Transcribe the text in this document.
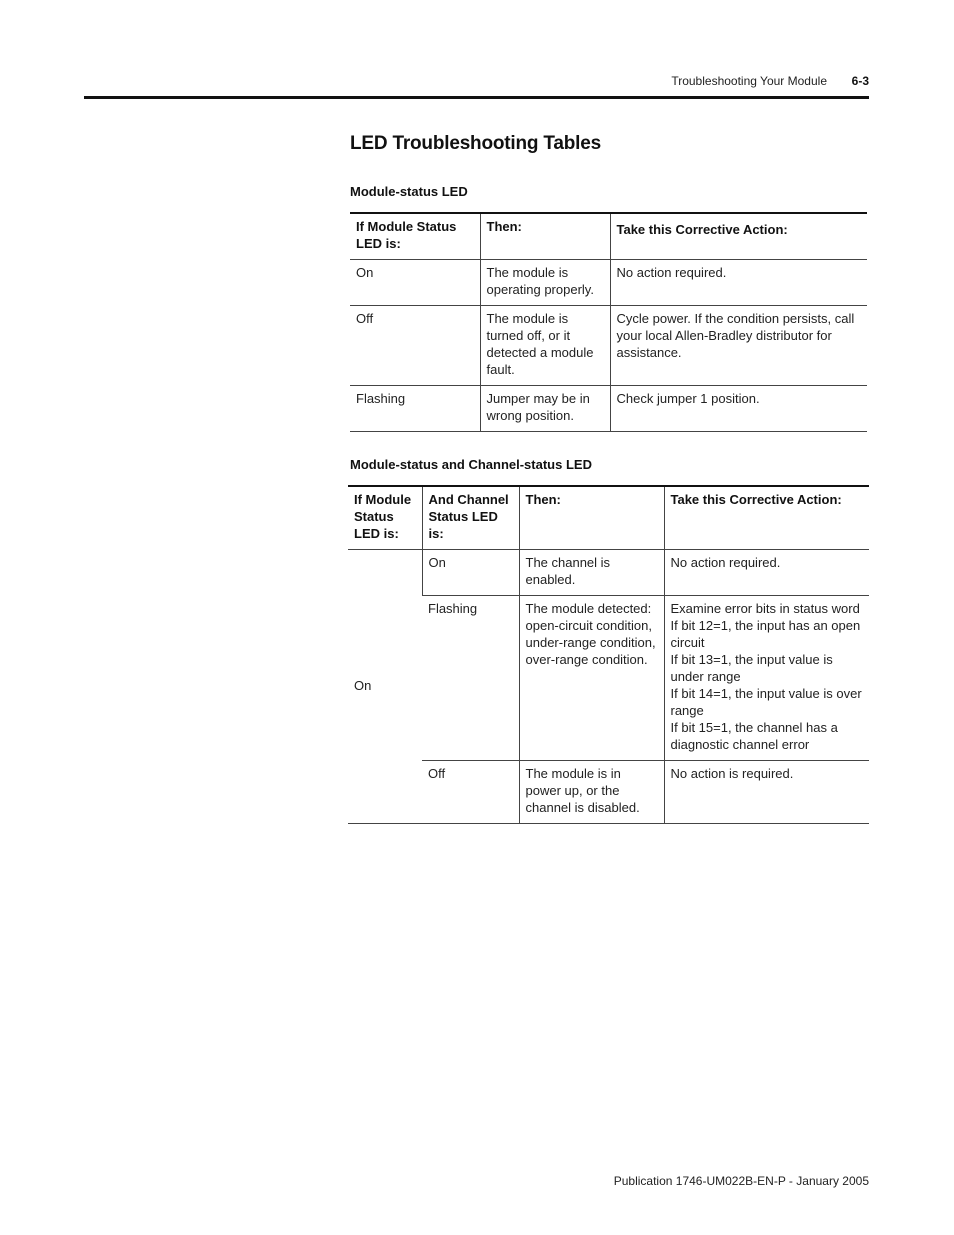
Troubleshooting Your Module 6-3
LED Troubleshooting Tables
Module-status LED
If Module Status LED is:	Then:	Take this Corrective Action:
On	The module is operating properly.	No action required.
Off	The module is turned off, or it detected a module fault.	Cycle power. If the condition persists, call your local Allen-Bradley distributor for assistance.
Flashing	Jumper may be in wrong position.	Check jumper 1 position.
Module-status and Channel-status LED
If Module Status LED is:	And Channel Status LED is:	Then:	Take this Corrective Action:
On	On	The channel is enabled.	No action required.

	Flashing	The module detected: open-circuit condition, under-range condition, over-range condition.	Examine error bits in status word
If bit 12=1, the input has an open circuit
If bit 13=1, the input value is under range
If bit 14=1, the input value is over range
If bit 15=1, the channel has a diagnostic channel error

	Off	The module is in power up, or the channel is disabled.	No action is required.
Publication 1746-UM022B-EN-P - January 2005
